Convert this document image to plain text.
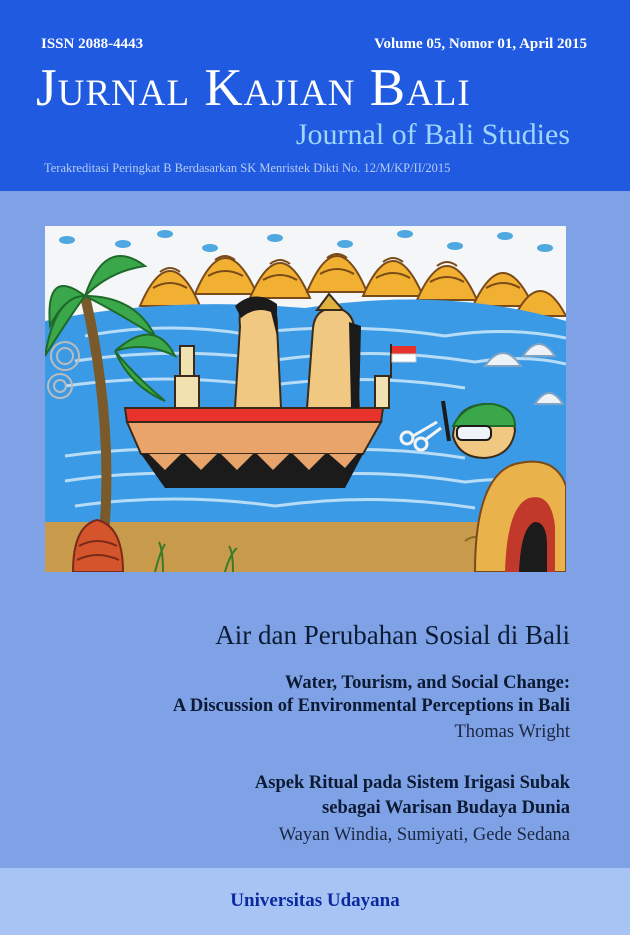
ISSN 2088-4443	Volume 05, Nomor 01, April 2015
Jurnal Kajian Bali
Journal of Bali Studies
Terakreditasi Peringkat B Berdasarkan SK Menristek Dikti No. 12/M/KP/II/2015
Air dan Perubahan Sosial di Bali
Water, Tourism, and Social Change:
A Discussion of Environmental Perceptions in Bali
Thomas Wright
Aspek Ritual pada Sistem Irigasi Subak
sebagai Warisan Budaya Dunia
Wayan Windia, Sumiyati, Gede Sedana
Universitas Udayana
